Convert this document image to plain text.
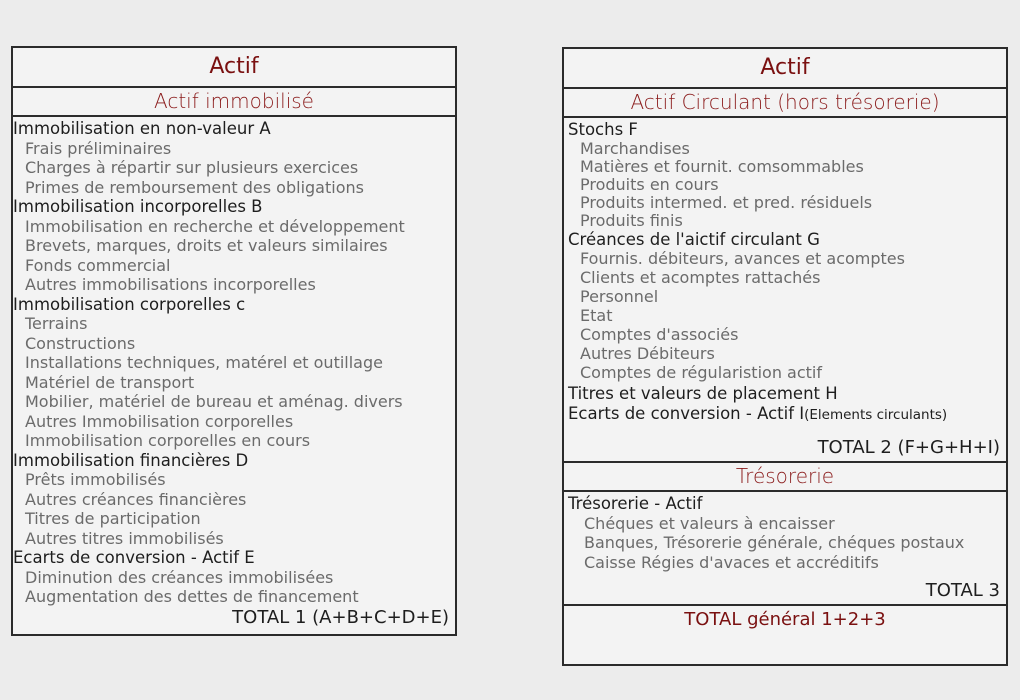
Actif
Actif immobilisé
Immobilisation en non-valeur A
Frais préliminaires
Charges à répartir sur plusieurs exercices
Primes de remboursement des obligations
Immobilisation incorporelles B
Immobilisation en recherche et développement
Brevets, marques, droits et valeurs similaires
Fonds commercial
Autres immobilisations incorporelles
Immobilisation corporelles c
Terrains
Constructions
Installations techniques, matérel et outillage
Matériel de transport
Mobilier, matériel de bureau et aménag. divers
Autres Immobilisation corporelles
Immobilisation corporelles en cours
Immobilisation financières D
Prêts immobilisés
Autres créances financières
Titres de participation
Autres titres immobilisés
Ecarts de conversion - Actif E
Diminution des créances immobilisées
Augmentation des dettes de financement
TOTAL 1 (A+B+C+D+E)
Actif
Actif Circulant (hors trésorerie)
Stochs F
Marchandises
Matières et fournit. comsommables
Produits en cours
Produits intermed. et pred. résiduels
Produits finis
Créances de l'aictif circulant G
Fournis. débiteurs, avances et acomptes
Clients et acomptes rattachés
Personnel
Etat
Comptes d'associés
Autres Débiteurs
Comptes de régularistion actif
Titres et valeurs de placement H
Ecarts de conversion - Actif I(Elements circulants)
TOTAL 2 (F+G+H+I)
Trésorerie
Trésorerie - Actif
Chéques et valeurs à encaisser
Banques, Trésorerie générale, chéques postaux
Caisse Régies d'avaces et accréditifs
TOTAL 3
TOTAL général 1+2+3
